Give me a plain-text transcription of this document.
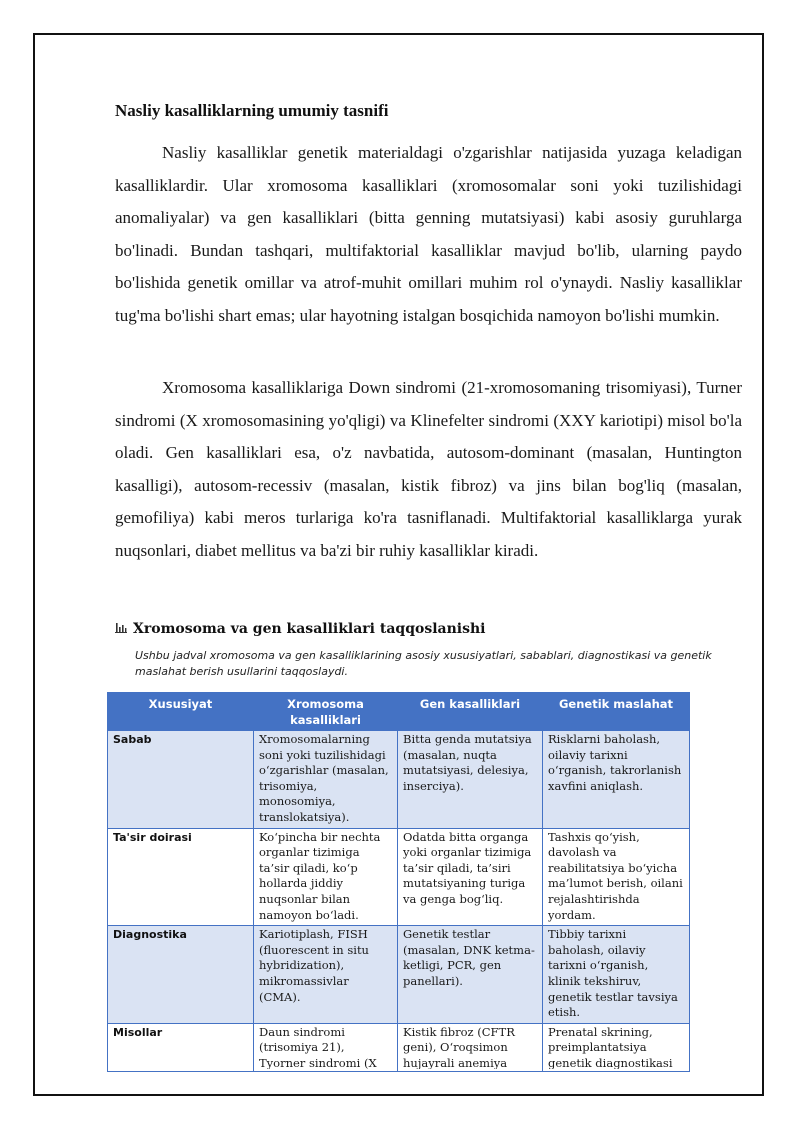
Nasliy kasalliklarning umumiy tasnifi

Nasliy kasalliklar genetik materialdagi o'zgarishlar natijasida yuzaga keladigan kasalliklardir. Ular xromosoma kasalliklari (xromosomalar soni yoki tuzilishidagi anomaliyalar) va gen kasalliklari (bitta genning mutatsiyasi) kabi asosiy guruhlarga bo'linadi. Bundan tashqari, multifaktorial kasalliklar mavjud bo'lib, ularning paydo bo'lishida genetik omillar va atrof-muhit omillari muhim rol o'ynaydi. Nasliy kasalliklar tug'ma bo'lishi shart emas; ular hayotning istalgan bosqichida namoyon bo'lishi mumkin.

Xromosoma kasalliklariga Down sindromi (21-xromosomaning trisomiyasi), Turner sindromi (X xromosomasining yo'qligi) va Klinefelter sindromi (XXY kariotipi) misol bo'la oladi. Gen kasalliklari esa, o'z navbatida, autosom-dominant (masalan, Huntington kasalligi), autosom-recessiv (masalan, kistik fibroz) va jins bilan bog'liq (masalan, gemofiliya) kabi meros turlariga ko'ra tasniflanadi. Multifaktorial kasalliklarga yurak nuqsonlari, diabet mellitus va ba'zi bir ruhiy kasalliklar kiradi.

Xromosoma va gen kasalliklari taqqoslanishi

Ushbu jadval xromosoma va gen kasalliklarining asosiy xususiyatlari, sabablari, diagnostikasi va genetik maslahat berish usullarini taqqoslaydi.

Xususiyat	Xromosoma kasalliklari	Gen kasalliklari	Genetik maslahat
Sabab	Xromosomalarning soni yoki tuzilishidagi o‘zgarishlar (masalan, trisomiya, monosomiya, translokatsiya).	Bitta genda mutatsiya (masalan, nuqta mutatsiyasi, delesiya, inserciya).	Risklarni baholash, oilaviy tarixni o‘rganish, takrorlanish xavfini aniqlash.
Ta'sir doirasi	Ko‘pincha bir nechta organlar tizimiga ta’sir qiladi, ko‘p hollarda jiddiy nuqsonlar bilan namoyon bo‘ladi.	Odatda bitta organga yoki organlar tizimiga ta’sir qiladi, ta’siri mutatsiyaning turiga va genga bog‘liq.	Tashxis qo‘yish, davolash va reabilitatsiya bo‘yicha ma’lumot berish, oilani rejalashtirishda yordam.
Diagnostika	Kariotiplash, FISH (fluorescent in situ hybridization), mikromassivlar (CMA).	Genetik testlar (masalan, DNK ketma-ketligi, PCR, gen panellari).	Tibbiy tarixni baholash, oilaviy tarixni o‘rganish, klinik tekshiruv, genetik testlar tavsiya etish.
Misollar	Daun sindromi (trisomiya 21), Tyorner sindromi (X	Kistik fibroz (CFTR geni), O‘roqsimon hujayrali anemiya	Prenatal skrining, preimplantatsiya genetik diagnostikasi
